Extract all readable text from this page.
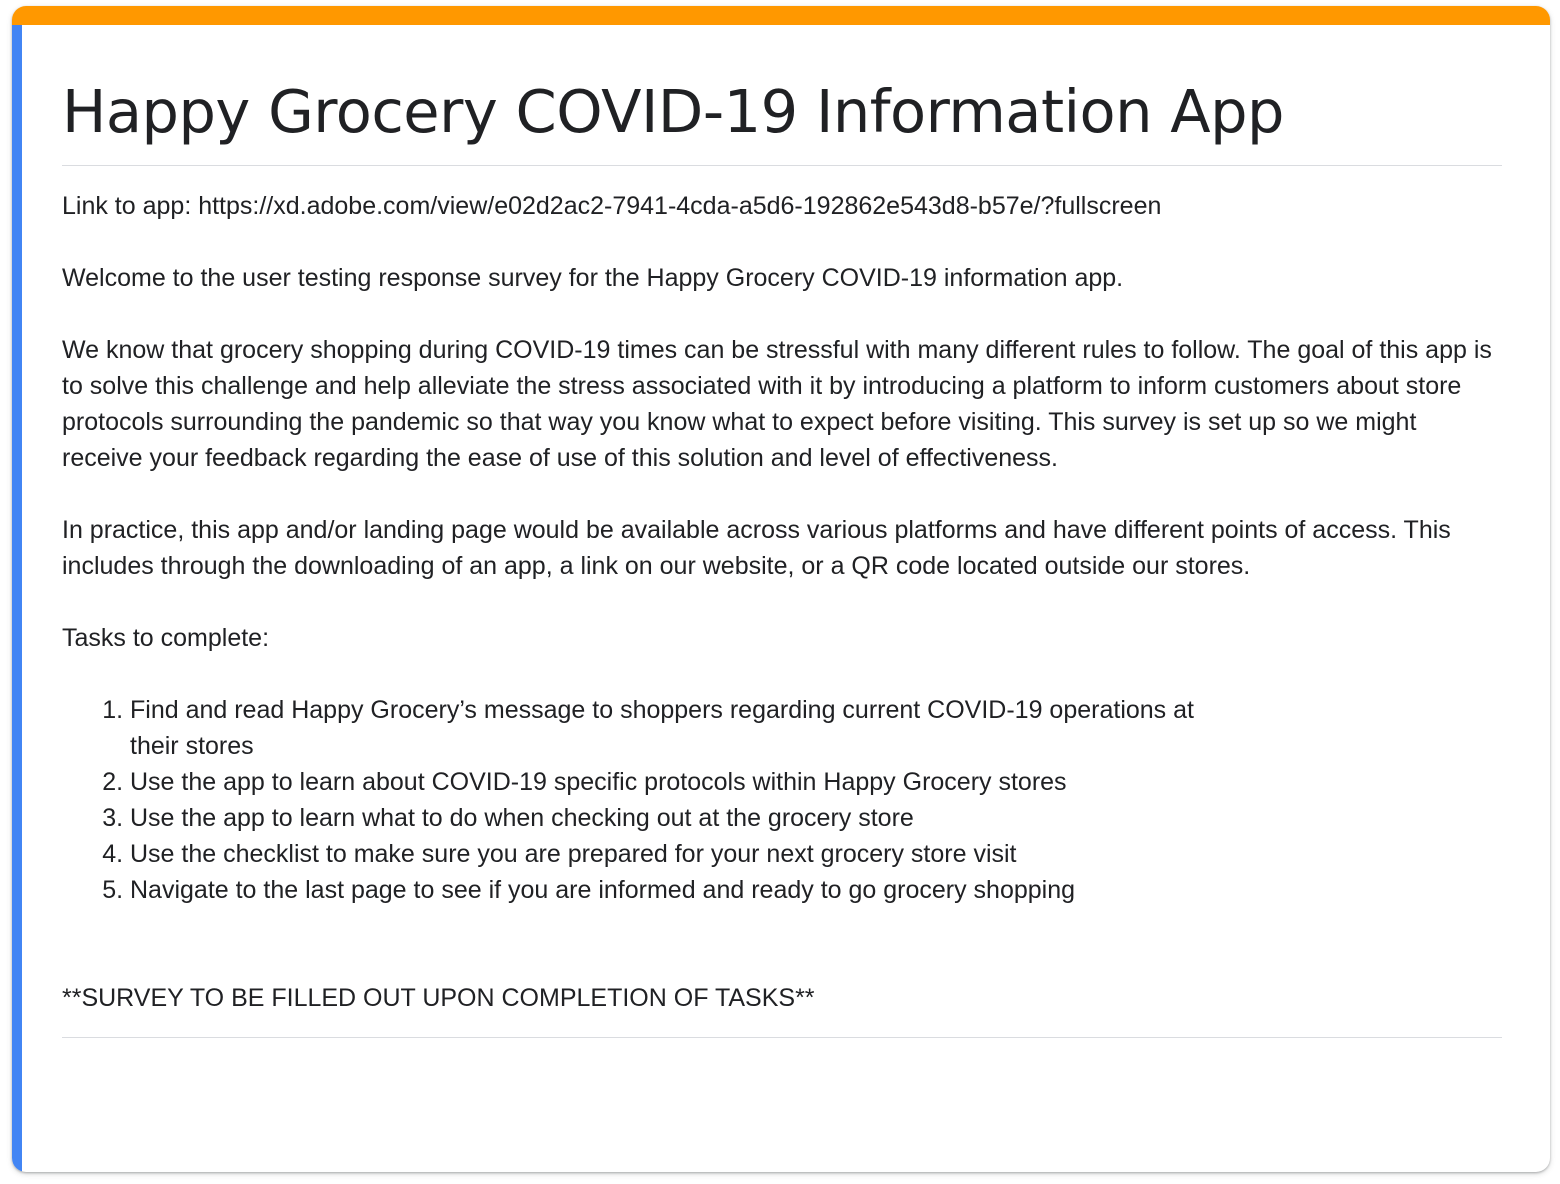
Happy Grocery COVID-19 Information App

Link to app: https://xd.adobe.com/view/e02d2ac2-7941-4cda-a5d6-192862e543d8-b57e/?fullscreen

Welcome to the user testing response survey for the Happy Grocery COVID-19 information app.

We know that grocery shopping during COVID-19 times can be stressful with many different rules to follow. The goal of this app is to solve this challenge and help alleviate the stress associated with it by introducing a platform to inform customers about store protocols surrounding the pandemic so that way you know what to expect before visiting. This survey is set up so we might receive your feedback regarding the ease of use of this solution and level of effectiveness.

In practice, this app and/or landing page would be available across various platforms and have different points of access. This includes through the downloading of an app, a link on our website, or a QR code located outside our stores.

Tasks to complete:

1. Find and read Happy Grocery’s message to shoppers regarding current COVID-19 operations at their stores
2. Use the app to learn about COVID-19 specific protocols within Happy Grocery stores
3. Use the app to learn what to do when checking out at the grocery store
4. Use the checklist to make sure you are prepared for your next grocery store visit
5. Navigate to the last page to see if you are informed and ready to go grocery shopping

**SURVEY TO BE FILLED OUT UPON COMPLETION OF TASKS**
